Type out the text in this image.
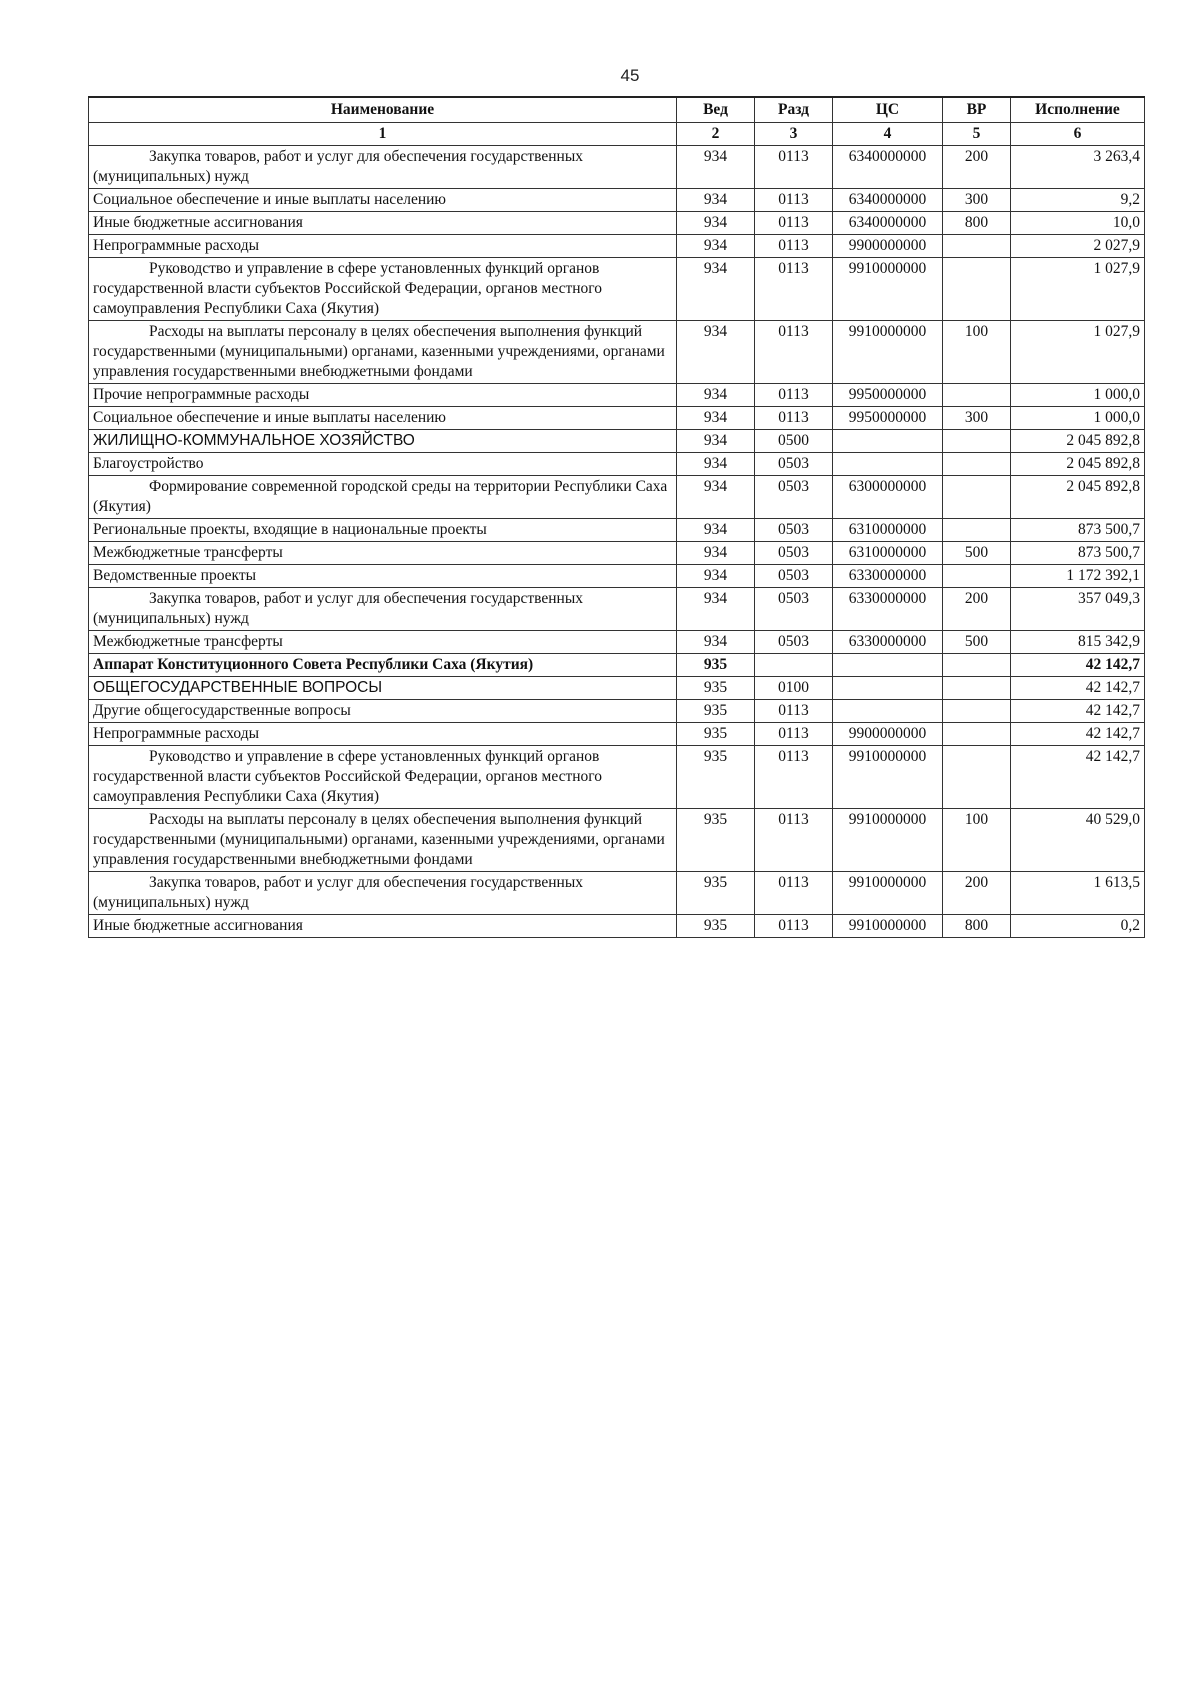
45
Наименование	Вед	Разд	ЦС	ВР	Исполнение
1	2	3	4	5	6
Закупка товаров, работ и услуг для обеспечения государственных (муниципальных) нужд	934	0113	6340000000	200	3 263,4
Социальное обеспечение и иные выплаты населению	934	0113	6340000000	300	9,2
Иные бюджетные ассигнования	934	0113	6340000000	800	10,0
Непрограммные расходы	934	0113	9900000000		2 027,9
Руководство и управление в сфере установленных функций органов государственной власти субъектов Российской Федерации, органов местного самоуправления Республики Саха (Якутия)	934	0113	9910000000		1 027,9
Расходы на выплаты персоналу в целях обеспечения выполнения функций государственными (муниципальными) органами, казенными учреждениями, органами управления государственными внебюджетными фондами	934	0113	9910000000	100	1 027,9
Прочие непрограммные расходы	934	0113	9950000000		1 000,0
Социальное обеспечение и иные выплаты населению	934	0113	9950000000	300	1 000,0
ЖИЛИЩНО-КОММУНАЛЬНОЕ ХОЗЯЙСТВО	934	0500			2 045 892,8
Благоустройство	934	0503			2 045 892,8
Формирование современной городской среды на территории Республики Саха (Якутия)	934	0503	6300000000		2 045 892,8
Региональные проекты, входящие в национальные проекты	934	0503	6310000000		873 500,7
Межбюджетные трансферты	934	0503	6310000000	500	873 500,7
Ведомственные проекты	934	0503	6330000000		1 172 392,1
Закупка товаров, работ и услуг для обеспечения государственных (муниципальных) нужд	934	0503	6330000000	200	357 049,3
Межбюджетные трансферты	934	0503	6330000000	500	815 342,9
Аппарат Конституционного Совета Республики Саха (Якутия)	935				42 142,7
ОБЩЕГОСУДАРСТВЕННЫЕ ВОПРОСЫ	935	0100			42 142,7
Другие общегосударственные вопросы	935	0113			42 142,7
Непрограммные расходы	935	0113	9900000000		42 142,7
Руководство и управление в сфере установленных функций органов государственной власти субъектов Российской Федерации, органов местного самоуправления Республики Саха (Якутия)	935	0113	9910000000		42 142,7
Расходы на выплаты персоналу в целях обеспечения выполнения функций государственными (муниципальными) органами, казенными учреждениями, органами управления государственными внебюджетными фондами	935	0113	9910000000	100	40 529,0
Закупка товаров, работ и услуг для обеспечения государственных (муниципальных) нужд	935	0113	9910000000	200	1 613,5
Иные бюджетные ассигнования	935	0113	9910000000	800	0,2
